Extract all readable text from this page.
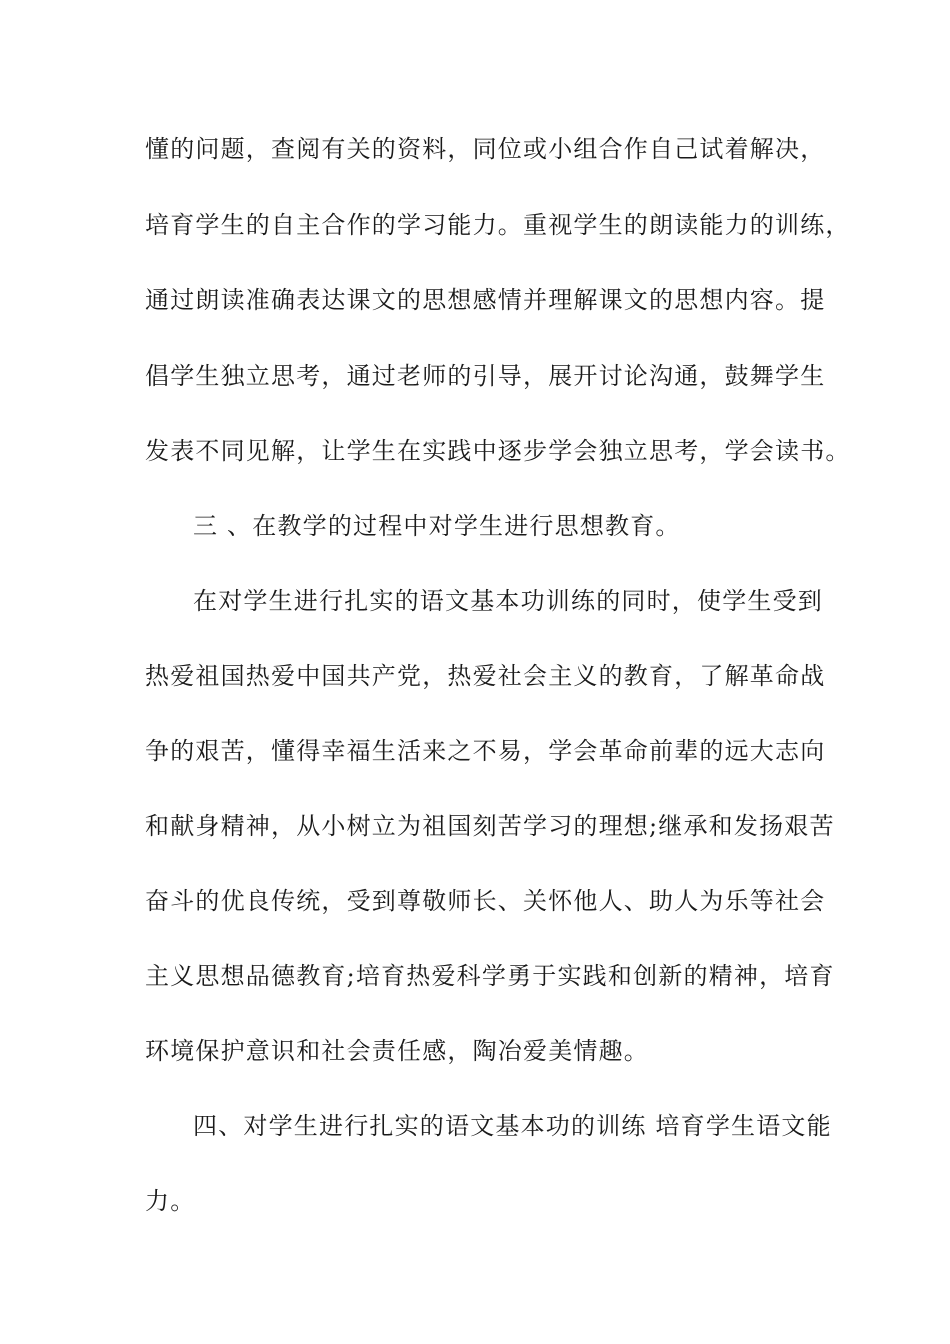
懂的问题，查阅有关的资料，同位或小组合作自己试着解决，
培育学生的自主合作的学习能力。重视学生的朗读能力的训练，
通过朗读准确表达课文的思想感情并理解课文的思想内容。提
倡学生独立思考，通过老师的引导，展开讨论沟通，鼓舞学生
发表不同见解，让学生在实践中逐步学会独立思考，学会读书。
三 、在教学的过程中对学生进行思想教育。
在对学生进行扎实的语文基本功训练的同时，使学生受到
热爱祖国热爱中国共产党，热爱社会主义的教育，了解革命战
争的艰苦，懂得幸福生活来之不易，学会革命前辈的远大志向
和献身精神，从小树立为祖国刻苦学习的理想;继承和发扬艰苦
奋斗的优良传统，受到尊敬师长、关怀他人、助人为乐等社会
主义思想品德教育;培育热爱科学勇于实践和创新的精神，培育
环境保护意识和社会责任感，陶冶爱美情趣。
四、对学生进行扎实的语文基本功的训练 培育学生语文能
力。
